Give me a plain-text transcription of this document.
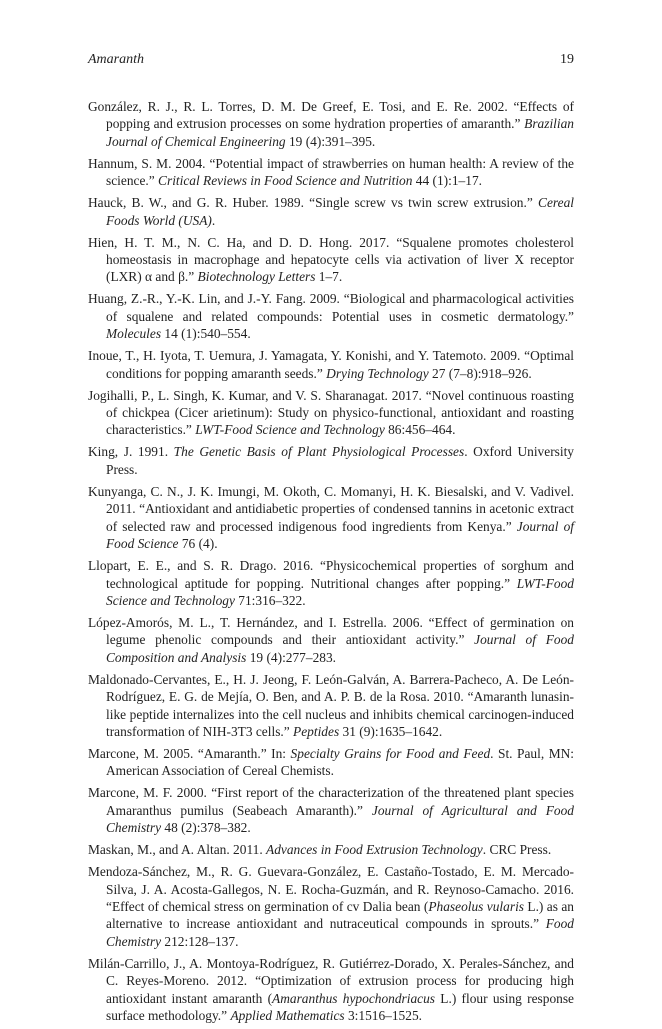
Amaranth	19
González, R. J., R. L. Torres, D. M. De Greef, E. Tosi, and E. Re. 2002. “Effects of popping and extrusion processes on some hydration properties of amaranth.” Brazilian Journal of Chemical Engineering 19 (4):391–395.
Hannum, S. M. 2004. “Potential impact of strawberries on human health: A review of the science.” Critical Reviews in Food Science and Nutrition 44 (1):1–17.
Hauck, B. W., and G. R. Huber. 1989. “Single screw vs twin screw extrusion.” Cereal Foods World (USA).
Hien, H. T. M., N. C. Ha, and D. D. Hong. 2017. “Squalene promotes cholesterol homeostasis in macrophage and hepatocyte cells via activation of liver X receptor (LXR) α and β.” Biotechnology Letters 1–7.
Huang, Z.-R., Y.-K. Lin, and J.-Y. Fang. 2009. “Biological and pharmacological activities of squalene and related compounds: Potential uses in cosmetic dermatology.” Molecules 14 (1):540–554.
Inoue, T., H. Iyota, T. Uemura, J. Yamagata, Y. Konishi, and Y. Tatemoto. 2009. “Optimal conditions for popping amaranth seeds.” Drying Technology 27 (7–8):918–926.
Jogihalli, P., L. Singh, K. Kumar, and V. S. Sharanagat. 2017. “Novel continuous roasting of chickpea (Cicer arietinum): Study on physico-functional, antioxidant and roasting characteristics.” LWT-Food Science and Technology 86:456–464.
King, J. 1991. The Genetic Basis of Plant Physiological Processes. Oxford University Press.
Kunyanga, C. N., J. K. Imungi, M. Okoth, C. Momanyi, H. K. Biesalski, and V. Vadivel. 2011. “Antioxidant and antidiabetic properties of condensed tannins in acetonic extract of selected raw and processed indigenous food ingredients from Kenya.” Journal of Food Science 76 (4).
Llopart, E. E., and S. R. Drago. 2016. “Physicochemical properties of sorghum and technological aptitude for popping. Nutritional changes after popping.” LWT-Food Science and Technology 71:316–322.
López-Amorós, M. L., T. Hernández, and I. Estrella. 2006. “Effect of germination on legume phenolic compounds and their antioxidant activity.” Journal of Food Composition and Analysis 19 (4):277–283.
Maldonado-Cervantes, E., H. J. Jeong, F. León-Galván, A. Barrera-Pacheco, A. De León-Rodríguez, E. G. de Mejía, O. Ben, and A. P. B. de la Rosa. 2010. “Amaranth lunasin-like peptide internalizes into the cell nucleus and inhibits chemical carcinogen-induced transformation of NIH-3T3 cells.” Peptides 31 (9):1635–1642.
Marcone, M. 2005. “Amaranth.” In: Specialty Grains for Food and Feed. St. Paul, MN: American Association of Cereal Chemists.
Marcone, M. F. 2000. “First report of the characterization of the threatened plant species Amaranthus pumilus (Seabeach Amaranth).” Journal of Agricultural and Food Chemistry 48 (2):378–382.
Maskan, M., and A. Altan. 2011. Advances in Food Extrusion Technology. CRC Press.
Mendoza-Sánchez, M., R. G. Guevara-González, E. Castaño-Tostado, E. M. Mercado-Silva, J. A. Acosta-Gallegos, N. E. Rocha-Guzmán, and R. Reynoso-Camacho. 2016. “Effect of chemical stress on germination of cv Dalia bean (Phaseolus vularis L.) as an alternative to increase antioxidant and nutraceutical compounds in sprouts.” Food Chemistry 212:128–137.
Milán-Carrillo, J., A. Montoya-Rodríguez, R. Gutiérrez-Dorado, X. Perales-Sánchez, and C. Reyes-Moreno. 2012. “Optimization of extrusion process for producing high antioxidant instant amaranth (Amaranthus hypochondriacus L.) flour using response surface methodology.” Applied Mathematics 3:1516–1525.
